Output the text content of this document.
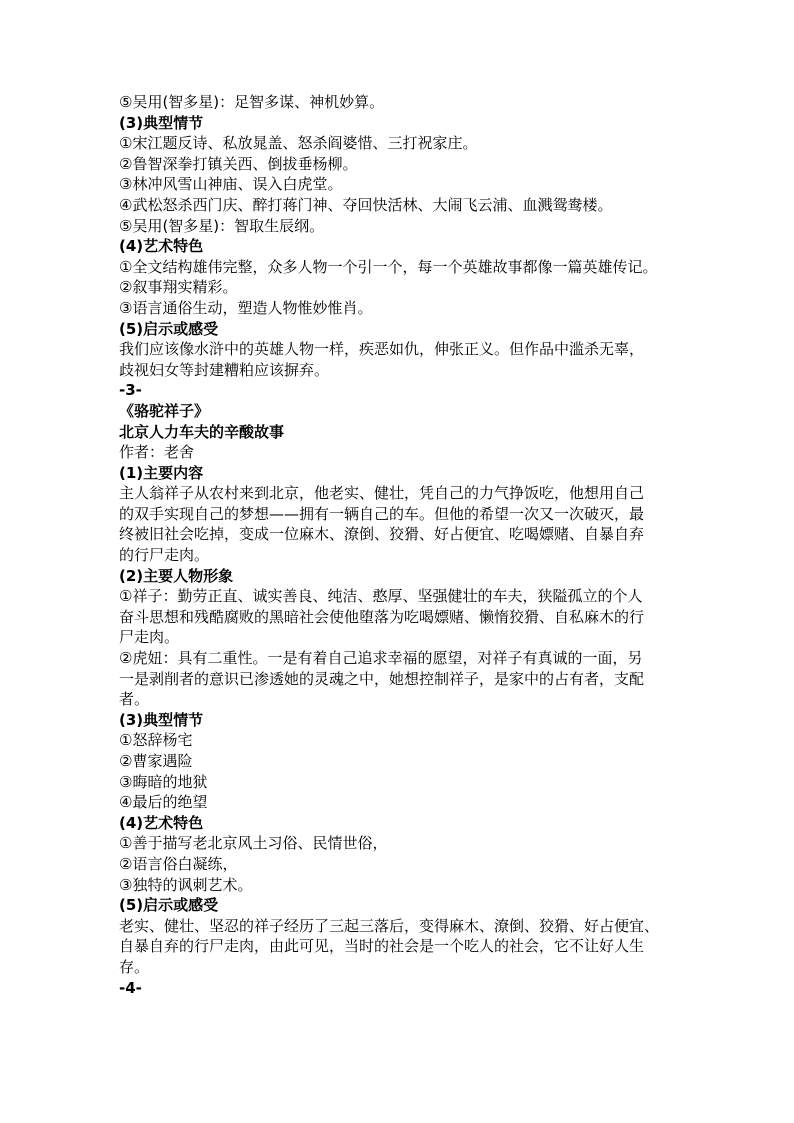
⑤吴用(智多星)：足智多谋、神机妙算。
(3)典型情节
①宋江题反诗、私放晁盖、怒杀阎婆惜、三打祝家庄。
②鲁智深拳打镇关西、倒拔垂杨柳。
③林冲风雪山神庙、误入白虎堂。
④武松怒杀西门庆、醉打蒋门神、夺回快活林、大闹飞云浦、血溅鸳鸯楼。
⑤吴用(智多星)：智取生辰纲。
(4)艺术特色
①全文结构雄伟完整，众多人物一个引一个，每一个英雄故事都像一篇英雄传记。
②叙事翔实精彩。
③语言通俗生动，塑造人物惟妙惟肖。
(5)启示或感受
我们应该像水浒中的英雄人物一样，疾恶如仇，伸张正义。但作品中滥杀无辜，
歧视妇女等封建糟粕应该摒弃。
-3-
《骆驼祥子》
北京人力车夫的辛酸故事
作者：老舍
(1)主要内容
主人翁祥子从农村来到北京，他老实、健壮，凭自己的力气挣饭吃，他想用自己
的双手实现自己的梦想——拥有一辆自己的车。但他的希望一次又一次破灭，最
终被旧社会吃掉，变成一位麻木、潦倒、狡猾、好占便宜、吃喝嫖赌、自暴自弃
的行尸走肉。
(2)主要人物形象
①祥子：勤劳正直、诚实善良、纯洁、憨厚、坚强健壮的车夫，狭隘孤立的个人
奋斗思想和残酷腐败的黑暗社会使他堕落为吃喝嫖赌、懒惰狡猾、自私麻木的行
尸走肉。
②虎妞：具有二重性。一是有着自己追求幸福的愿望，对祥子有真诚的一面，另
一是剥削者的意识已渗透她的灵魂之中，她想控制祥子，是家中的占有者，支配
者。
(3)典型情节
①怒辞杨宅
②曹家遇险
③晦暗的地狱
④最后的绝望
(4)艺术特色
①善于描写老北京风土习俗、民情世俗，
②语言俗白凝练，
③独特的讽刺艺术。
(5)启示或感受
老实、健壮、坚忍的祥子经历了三起三落后，变得麻木、潦倒、狡猾、好占便宜、
自暴自弃的行尸走肉，由此可见，当时的社会是一个吃人的社会，它不让好人生
存。
-4-
